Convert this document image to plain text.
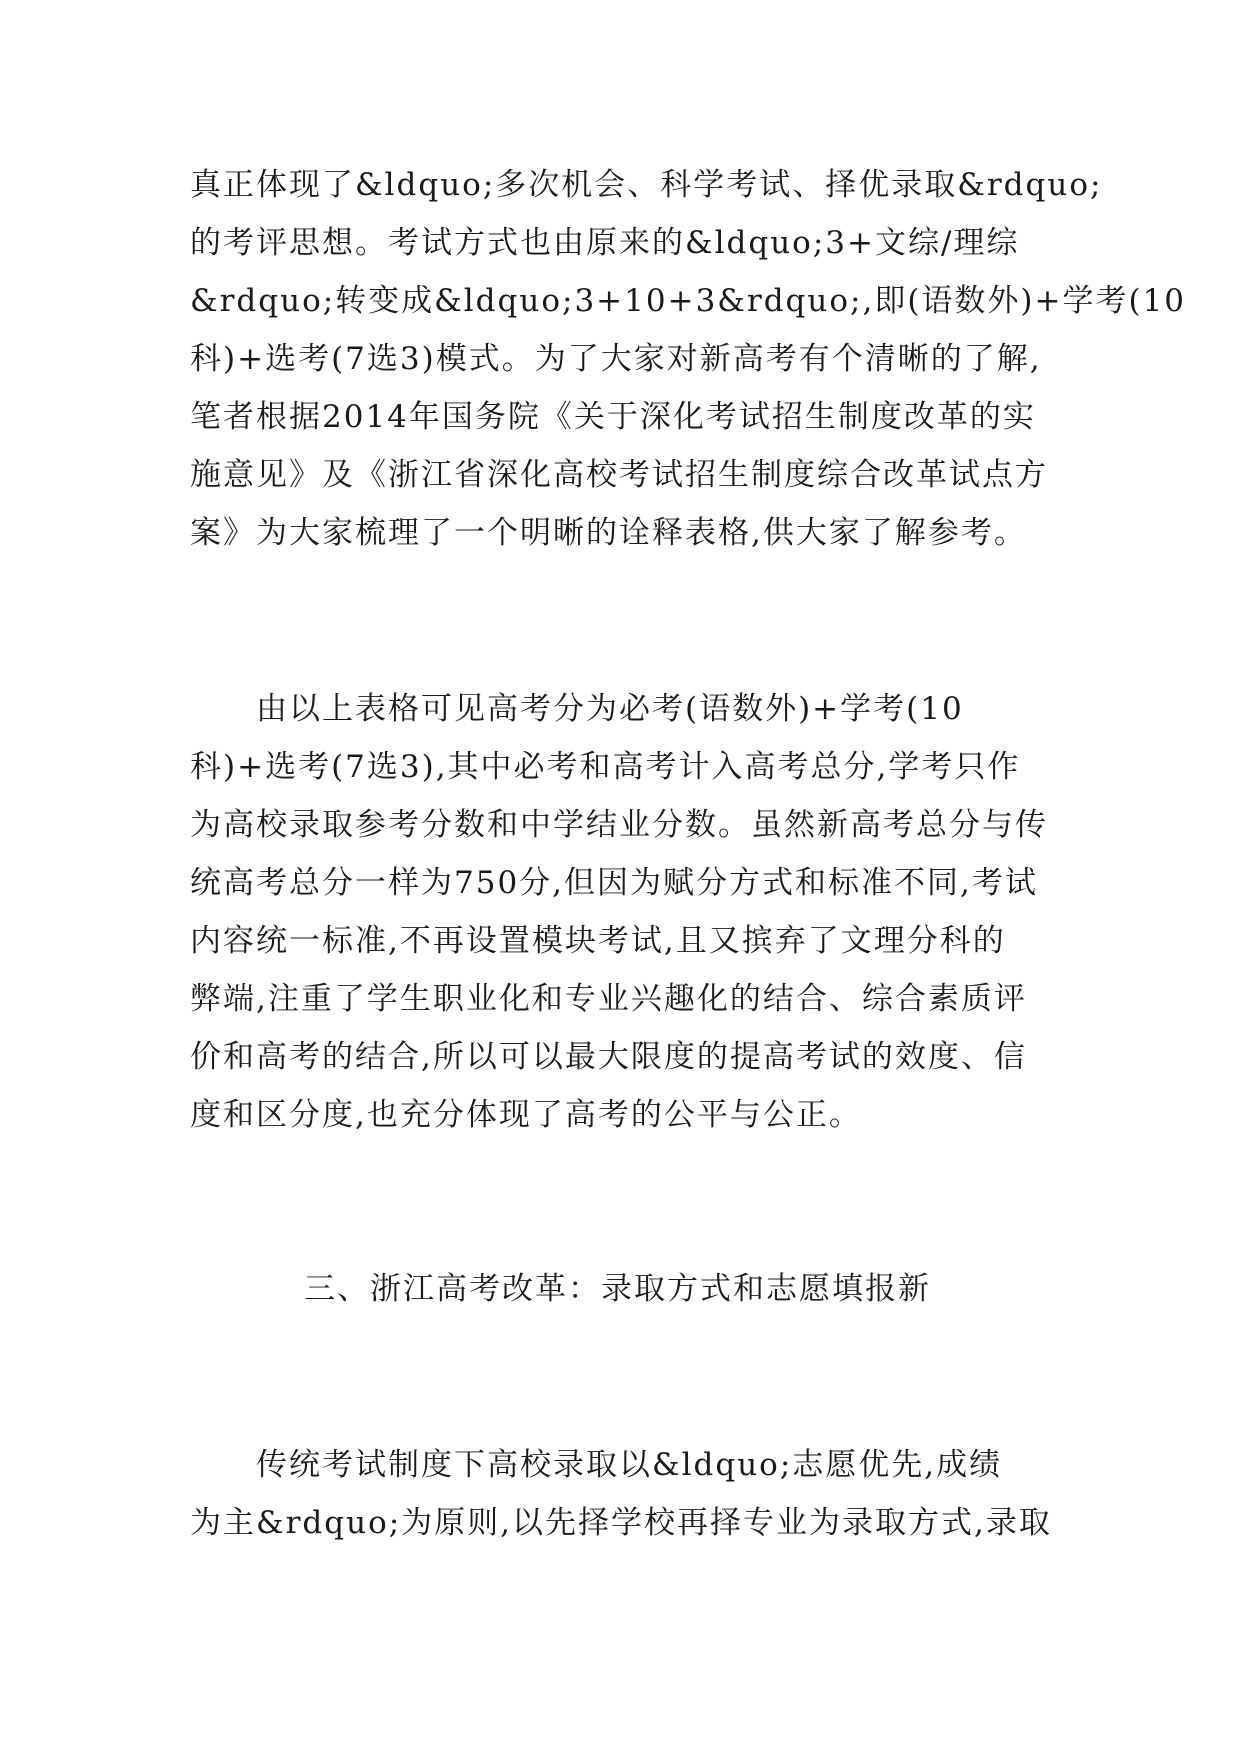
真正体现了&ldquo;多次机会、科学考试、择优录取&rdquo;
的考评思想。考试方式也由原来的&ldquo;3+文综/理综
&rdquo;转变成&ldquo;3+10+3&rdquo;,即(语数外)+学考(10
科)+选考(7选3)模式。为了大家对新高考有个清晰的了解,
笔者根据2014年国务院《关于深化考试招生制度改革的实
施意见》及《浙江省深化高校考试招生制度综合改革试点方
案》为大家梳理了一个明晰的诠释表格,供大家了解参考。
　　由以上表格可见高考分为必考(语数外)+学考(10
科)+选考(7选3),其中必考和高考计入高考总分,学考只作
为高校录取参考分数和中学结业分数。虽然新高考总分与传
统高考总分一样为750分,但因为赋分方式和标准不同,考试
内容统一标准,不再设置模块考试,且又摈弃了文理分科的
弊端,注重了学生职业化和专业兴趣化的结合、综合素质评
价和高考的结合,所以可以最大限度的提高考试的效度、信
度和区分度,也充分体现了高考的公平与公正。
三、浙江高考改革：录取方式和志愿填报新
　　传统考试制度下高校录取以&ldquo;志愿优先,成绩
为主&rdquo;为原则,以先择学校再择专业为录取方式,录取
